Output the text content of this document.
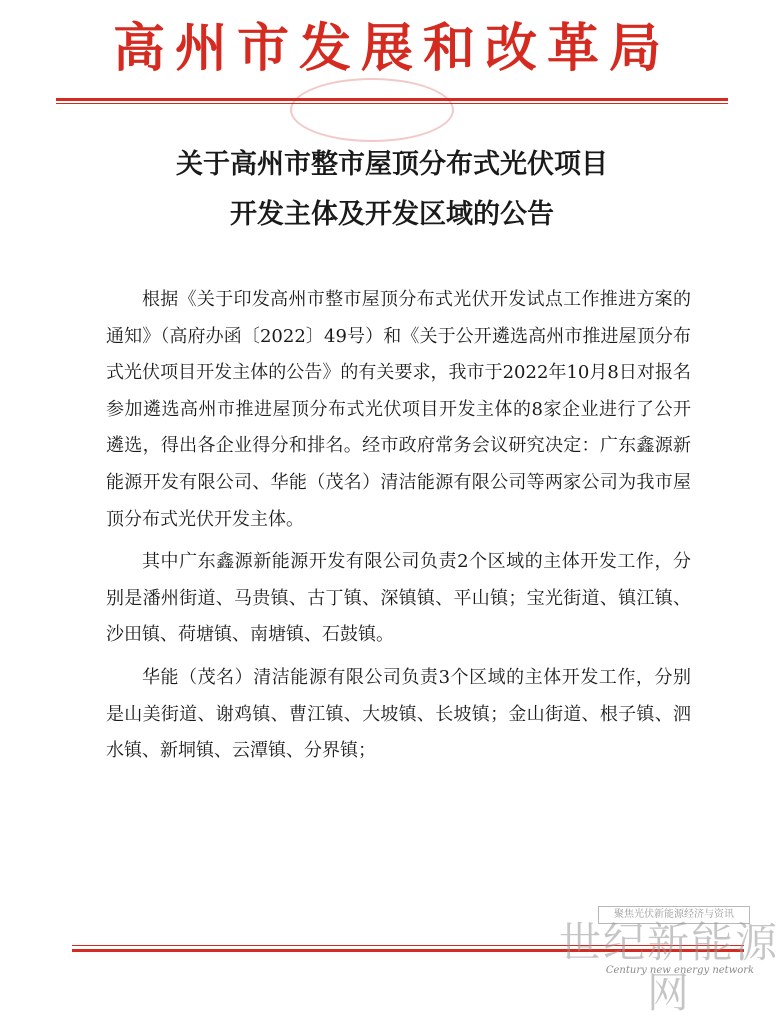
高州市发展和改革局
关于高州市整市屋顶分布式光伏项目
开发主体及开发区域的公告

根据《关于印发高州市整市屋顶分布式光伏开发试点工作推进方案的通知》（高府办函〔2022〕49号）和《关于公开遴选高州市推进屋顶分布式光伏项目开发主体的公告》的有关要求，我市于2022年10月8日对报名参加遴选高州市推进屋顶分布式光伏项目开发主体的8家企业进行了公开遴选，得出各企业得分和排名。经市政府常务会议研究决定：广东鑫源新能源开发有限公司、华能（茂名）清洁能源有限公司等两家公司为我市屋顶分布式光伏开发主体。

其中广东鑫源新能源开发有限公司负责2个区域的主体开发工作，分别是潘州街道、马贵镇、古丁镇、深镇镇、平山镇；宝光街道、镇江镇、沙田镇、荷塘镇、南塘镇、石鼓镇。

华能（茂名）清洁能源有限公司负责3个区域的主体开发工作，分别是山美街道、谢鸡镇、曹江镇、大坡镇、长坡镇；金山街道、根子镇、泗水镇、新垌镇、云潭镇、分界镇；

聚焦光伏新能源经济与资讯
世纪新能源网
Century new energy network
